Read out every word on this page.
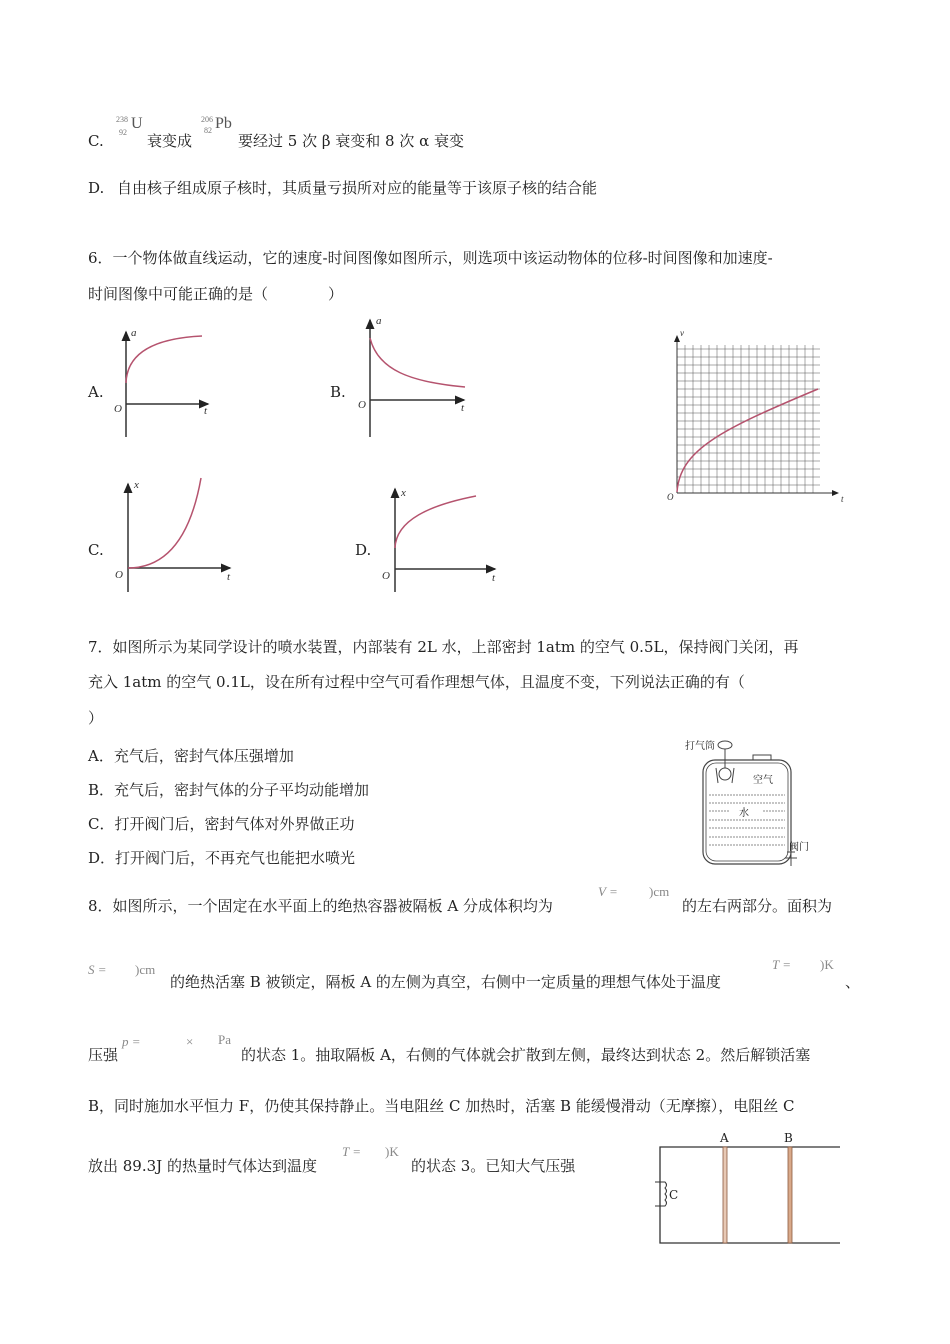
C.
238
92
U
衰变成
206
82 Pb
要经过 5 次 β 衰变和 8 次 α 衰变
D. 自由核子组成原子核时，其质量亏损所对应的能量等于该原子核的结合能
6．一个物体做直线运动，它的速度-时间图像如图所示，则选项中该运动物体的位移-时间图像和加速度-
时间图像中可能正确的是（　　　　）
A.
a
t
O
a
t
O
x
t
O
x
t
O
v
t
O
B.
C.	D.
7．如图所示为某同学设计的喷水装置，内部装有 2L 水，上部密封 1atm 的空气 0.5L，保持阀门关闭，再
充入 1atm 的空气 0.1L，设在所有过程中空气可看作理想气体，且温度不变，下列说法正确的有（
）
A．充气后，密封气体压强增加
B．充气后，密封气体的分子平均动能增加
C．打开阀门后，密封气体对外界做正功
D．打开阀门后，不再充气也能把水喷光
打气筒
空气
水
阀门
8．如图所示，一个固定在水平面上的绝热容器被隔板 A 分成体积均为
V = )cm
的左右两部分。面积为
S = )cm
的绝热活塞 B 被锁定，隔板 A 的左侧为真空，右侧中一定质量的理想气体处于温度
T = )K
、
压强
p =	× Pa
的状态 1。抽取隔板 A，右侧的气体就会扩散到左侧，最终达到状态 2。然后解锁活塞
B，同时施加水平恒力 F，仍使其保持静止。当电阻丝 C 加热时，活塞 B 能缓慢滑动（无摩擦），电阻丝 C
放出 89.3J 的热量时气体达到温度
T = )K
的状态 3。已知大气压强
A	B
C
